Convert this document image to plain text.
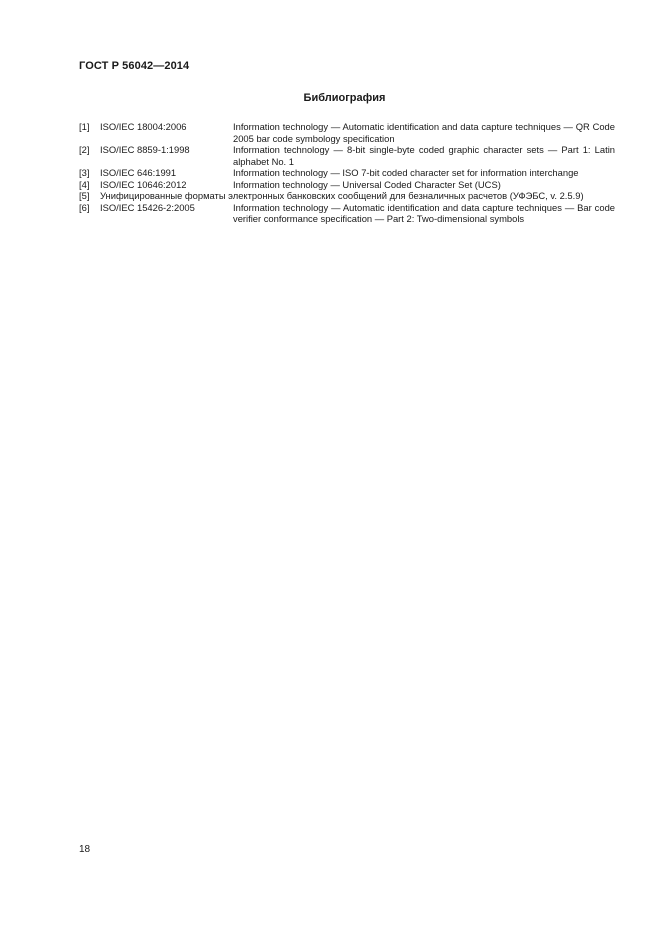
ГОСТ Р 56042—2014
Библиография
[1]	ISO/IEC 18004:2006	Information technology — Automatic identification and data capture techniques — QR Code 2005 bar code symbology specification
[2]	ISO/IEC 8859-1:1998	Information technology — 8-bit single-byte coded graphic character sets — Part 1: Latin alphabet No. 1
[3]	ISO/IEC 646:1991	Information technology — ISO 7-bit coded character set for information interchange
[4]	ISO/IEC 10646:2012	Information technology — Universal Coded Character Set (UCS)
[5]	Унифицированные форматы электронных банковских сообщений для безналичных расчетов (УФЭБС, v. 2.5.9)
[6]	ISO/IEC 15426-2:2005	Information technology — Automatic identification and data capture techniques — Bar code verifier conformance specification — Part 2: Two-dimensional symbols
18
